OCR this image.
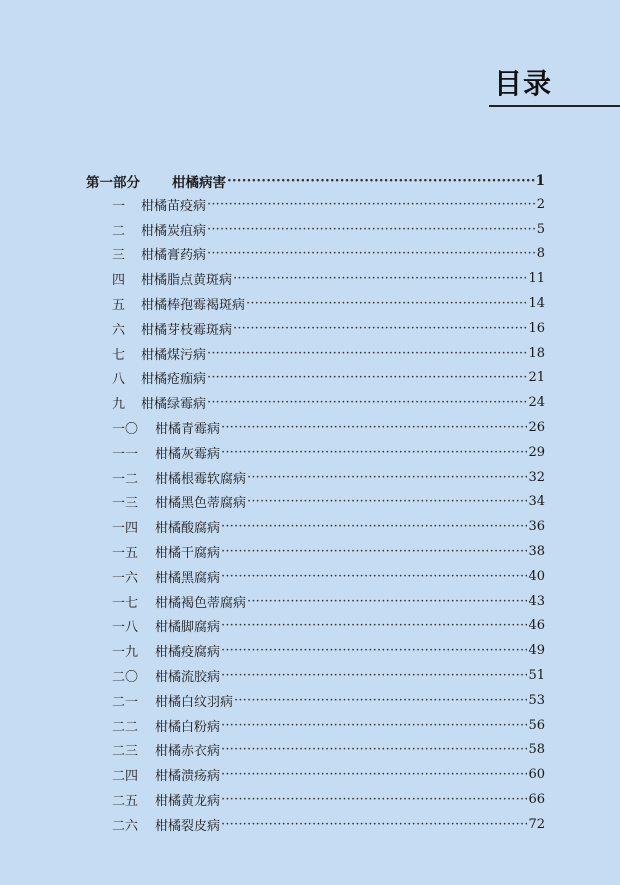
目录
第一部分	柑橘病害 ·····	1
一	柑橘苗疫病 ·····	2
二	柑橘炭疽病 ·····	5
三	柑橘膏药病 ·····	8
四	柑橘脂点黄斑病 ·····	11
五	柑橘棒孢霉褐斑病 ·····	14
六	柑橘芽枝霉斑病 ·····	16
七	柑橘煤污病 ·····	18
八	柑橘疮痂病 ·····	21
九	柑橘绿霉病 ·····	24
一〇	柑橘青霉病 ·····	26
一一	柑橘灰霉病 ·····	29
一二	柑橘根霉软腐病 ·····	32
一三	柑橘黑色蒂腐病 ·····	34
一四	柑橘酸腐病 ·····	36
一五	柑橘干腐病 ·····	38
一六	柑橘黑腐病 ·····	40
一七	柑橘褐色蒂腐病 ·····	43
一八	柑橘脚腐病 ·····	46
一九	柑橘疫腐病 ·····	49
二〇	柑橘流胶病 ·····	51
二一	柑橘白纹羽病 ·····	53
二二	柑橘白粉病 ·····	56
二三	柑橘赤衣病 ·····	58
二四	柑橘溃疡病 ·····	60
二五	柑橘黄龙病 ·····	66
二六	柑橘裂皮病 ·····	72
